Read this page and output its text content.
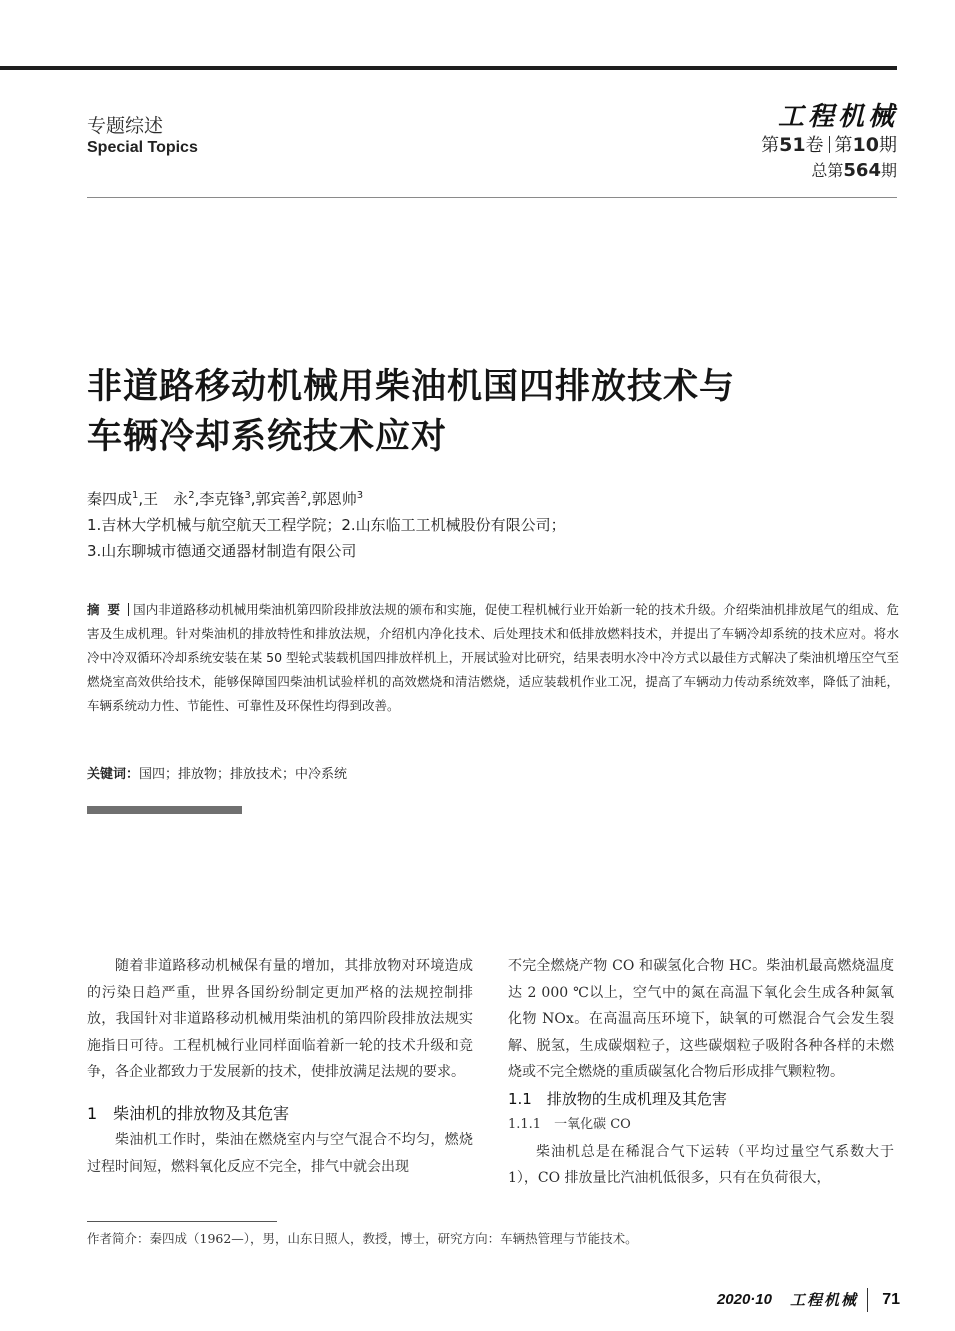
专题综述
Special Topics
工程机械
第51卷 第10期
总第564期
非道路移动机械用柴油机国四排放技术与
车辆冷却系统技术应对
秦四成$^1$,王　永$^2$,李克锋$^3$,郭宾善$^2$,郭恩帅$^3$
1.吉林大学机械与航空航天工程学院；2.山东临工工机械股份有限公司；
3.山东聊城市德通交通器材制造有限公司
摘要 国内非道路移动机械用柴油机第四阶段排放法规的颁布和实施，促使工程机械行业开始新一轮的技术升级。介绍柴油机排放尾气的组成、危害及生成机理。针对柴油机的排放特性和排放法规，介绍机内净化技术、后处理技术和低排放燃料技术，并提出了车辆冷却系统的技术应对。将水冷中冷双循环冷却系统安装在某 50 型轮式装载机国四排放样机上，开展试验对比研究，结果表明水冷中冷方式以最佳方式解决了柴油机增压空气至燃烧室高效供给技术，能够保障国四柴油机试验样机的高效燃烧和清洁燃烧，适应装载机作业工况，提高了车辆动力传动系统效率，降低了油耗，车辆系统动力性、节能性、可靠性及环保性均得到改善。
关键词：国四；排放物；排放技术；中冷系统

随着非道路移动机械保有量的增加，其排放物对环境造成的污染日趋严重，世界各国纷纷制定更加严格的法规控制排放，我国针对非道路移动机械用柴油机的第四阶段排放法规实施指日可待。工程机械行业同样面临着新一轮的技术升级和竞争，各企业都致力于发展新的技术，使排放满足法规的要求。

1　柴油机的排放物及其危害

柴油机工作时，柴油在燃烧室内与空气混合不均匀，燃烧过程时间短，燃料氧化反应不完全，排气中就会出现

不完全燃烧产物 CO 和碳氢化合物 HC。柴油机最高燃烧温度达 2 000 ℃以上，空气中的氮在高温下氧化会生成各种氮氧化物 NOx。在高温高压环境下，缺氧的可燃混合气会发生裂解、脱氢，生成碳烟粒子，这些碳烟粒子吸附各种各样的未燃烧或不完全燃烧的重质碳氢化合物后形成排气颗粒物。

1.1　排放物的生成机理及其危害
1.1.1　一氧化碳 CO

柴油机总是在稀混合气下运转（平均过量空气系数大于 1），CO 排放量比汽油机低很多，只有在负荷很大，

作者简介：秦四成（1962—），男，山东日照人，教授，博士，研究方向：车辆热管理与节能技术。
2020·10 工程机械 71
